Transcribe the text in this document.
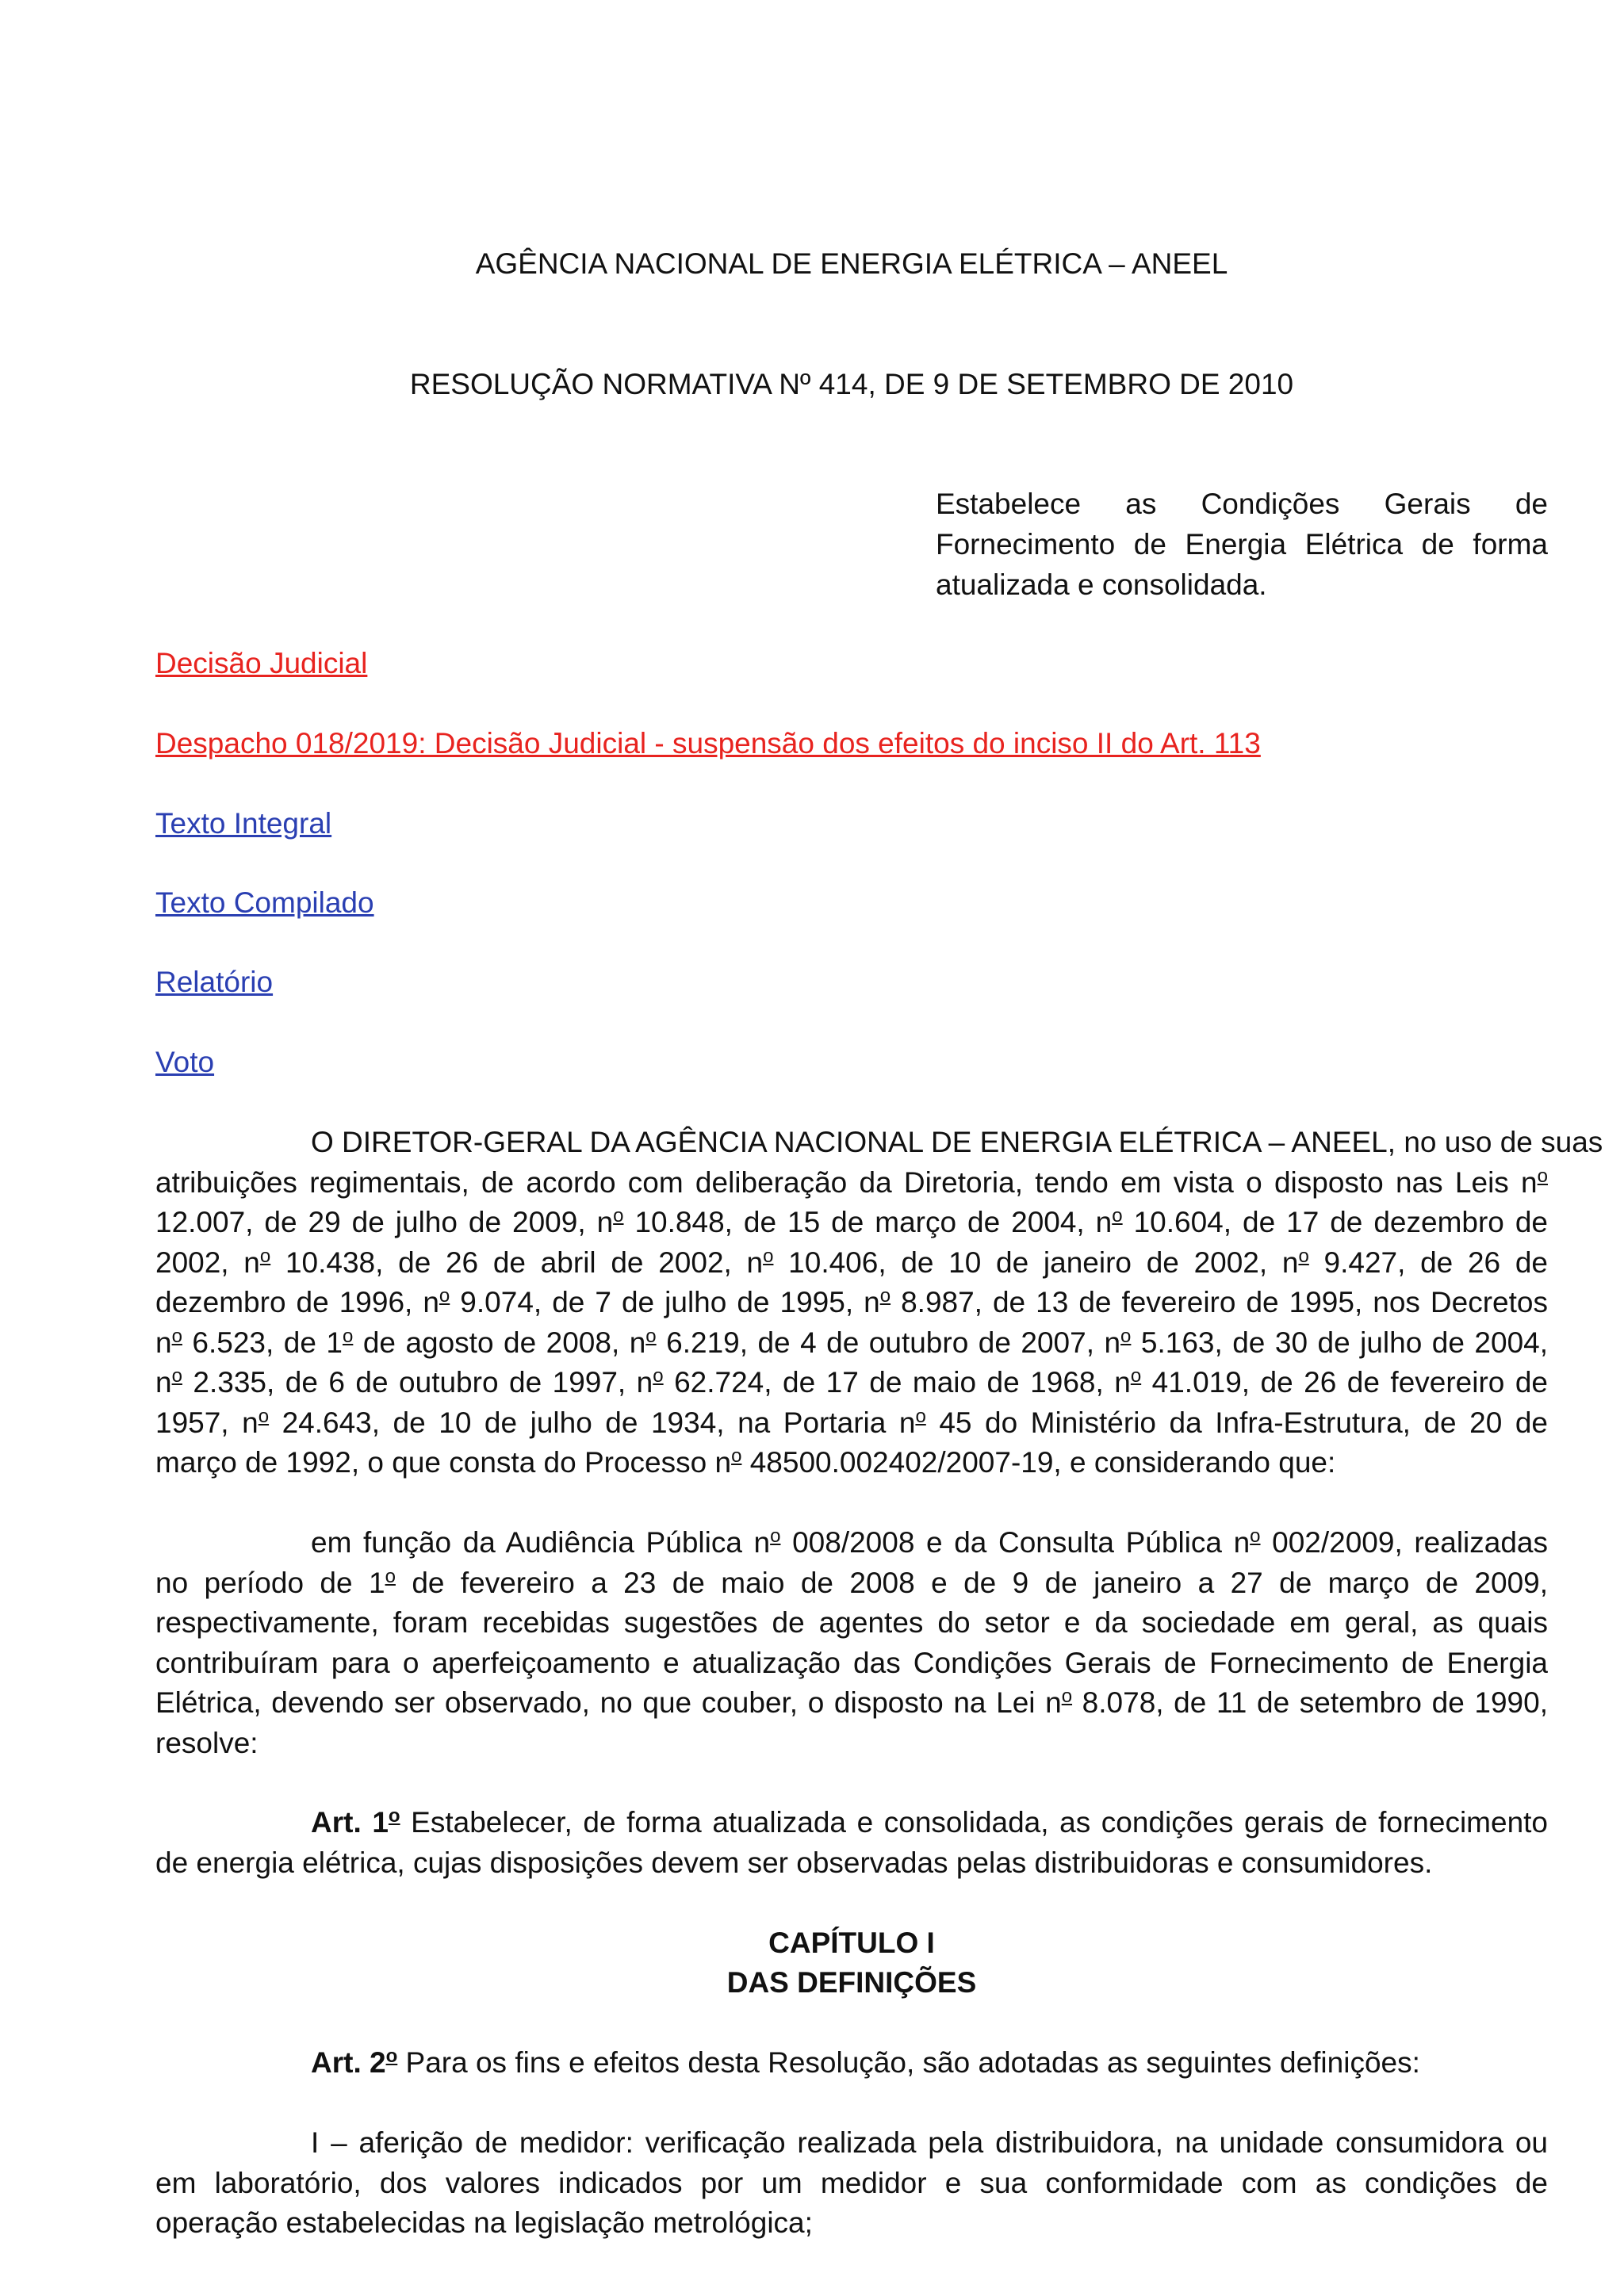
AGÊNCIA NACIONAL DE ENERGIA ELÉTRICA – ANEEL
RESOLUÇÃO NORMATIVA Nº 414, DE 9 DE SETEMBRO DE 2010
Estabelece as Condições Gerais de
Fornecimento de Energia Elétrica de forma
atualizada e consolidada.
Decisão Judicial
Despacho 018/2019: Decisão Judicial - suspensão dos efeitos do inciso II do Art. 113
Texto Integral
Texto Compilado
Relatório
Voto
O DIRETOR-GERAL DA AGÊNCIA NACIONAL DE ENERGIA ELÉTRICA – ANEEL, no uso de suas
atribuições regimentais, de acordo com deliberação da Diretoria, tendo em vista o disposto nas Leis $n^o$
12.007, de 29 de julho de 2009, $n^o$ 10.848, de 15 de março de 2004, $n^o$ 10.604, de 17 de dezembro de
2002, $n^o$ 10.438, de 26 de abril de 2002, $n^o$ 10.406, de 10 de janeiro de 2002, $n^o$ 9.427, de 26 de
dezembro de 1996, $n^o$ 9.074, de 7 de julho de 1995, $n^o$ 8.987, de 13 de fevereiro de 1995, nos Decretos
$n^o$ 6.523, de 1$^o$ de agosto de 2008, $n^o$ 6.219, de 4 de outubro de 2007, $n^o$ 5.163, de 30 de julho de 2004,
$n^o$ 2.335, de 6 de outubro de 1997, $n^o$ 62.724, de 17 de maio de 1968, $n^o$ 41.019, de 26 de fevereiro de
1957, $n^o$ 24.643, de 10 de julho de 1934, na Portaria $n^o$ 45 do Ministério da Infra-Estrutura, de 20 de
março de 1992, o que consta do Processo $n^o$ 48500.002402/2007-19, e considerando que:
em função da Audiência Pública $n^o$ 008/2008 e da Consulta Pública $n^o$ 002/2009, realizadas
no período de 1$^o$ de fevereiro a 23 de maio de 2008 e de 9 de janeiro a 27 de março de 2009,
respectivamente, foram recebidas sugestões de agentes do setor e da sociedade em geral, as quais
contribuíram para o aperfeiçoamento e atualização das Condições Gerais de Fornecimento de Energia
Elétrica, devendo ser observado, no que couber, o disposto na Lei $n^o$ 8.078, de 11 de setembro de 1990,
resolve:
Art. 1$^o$ Estabelecer, de forma atualizada e consolidada, as condições gerais de fornecimento
de energia elétrica, cujas disposições devem ser observadas pelas distribuidoras e consumidores.
CAPÍTULO I
DAS DEFINIÇÕES
Art. 2$^o$ Para os fins e efeitos desta Resolução, são adotadas as seguintes definições:
I – aferição de medidor: verificação realizada pela distribuidora, na unidade consumidora ou
em laboratório, dos valores indicados por um medidor e sua conformidade com as condições de
operação estabelecidas na legislação metrológica;
